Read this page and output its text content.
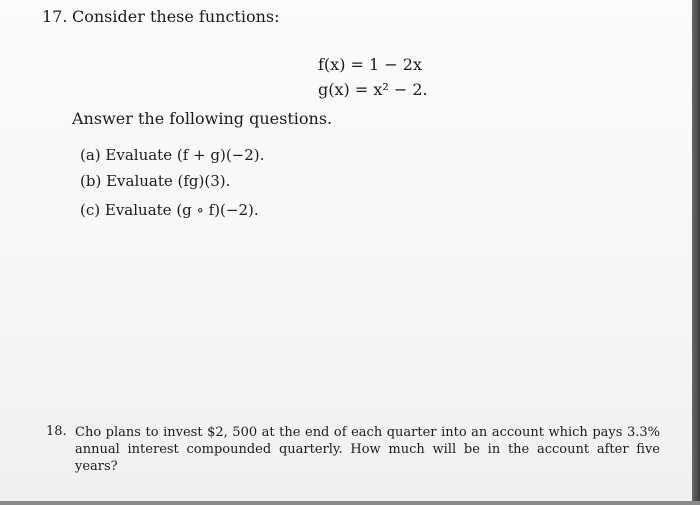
17. Consider these functions:
f(x) = 1 − 2x
g(x) = x² − 2.
Answer the following questions.
(a) Evaluate (f + g)(−2).
(b) Evaluate (fg)(3).
(c) Evaluate (g ∘ f)(−2).
18. Cho plans to invest $2, 500 at the end of each quarter into an account which pays 3.3% annual interest compounded quarterly. How much will be in the account after five years?
